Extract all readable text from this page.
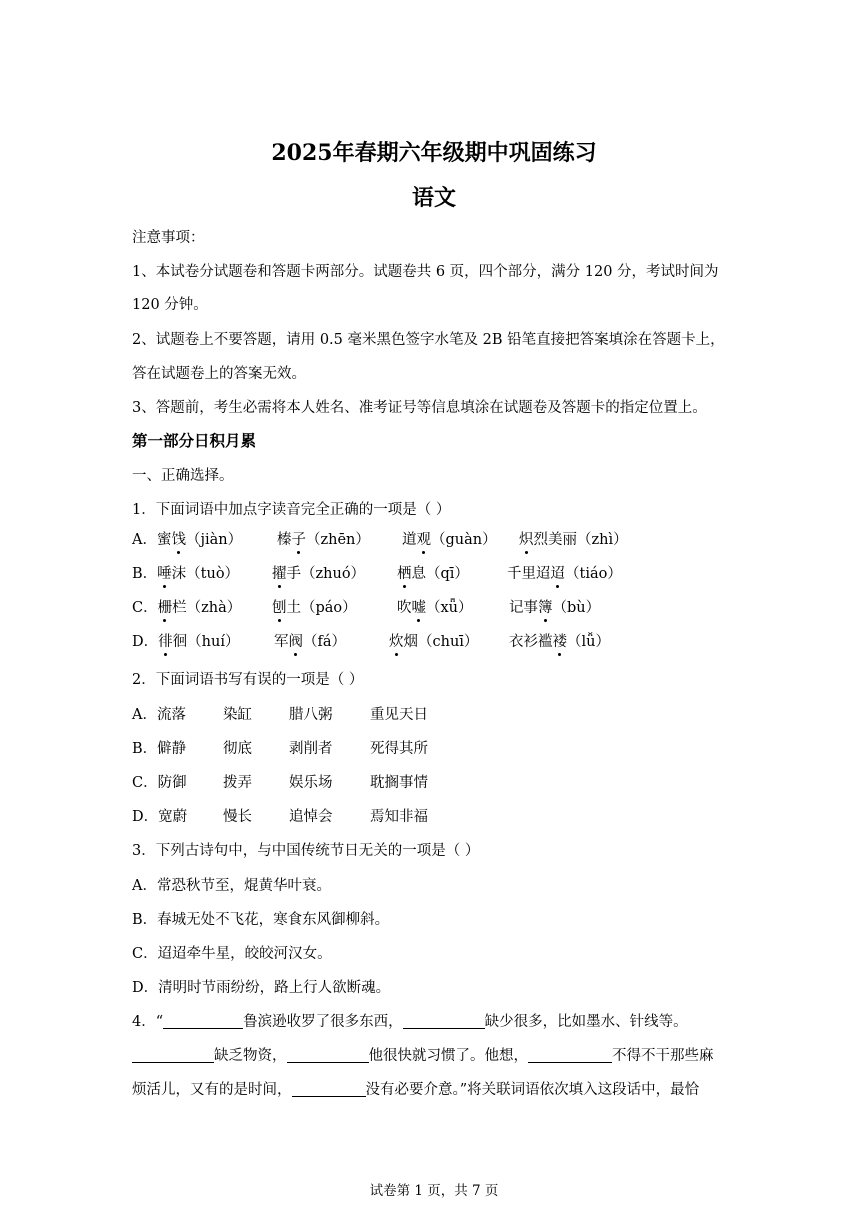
2025年春期六年级期中巩固练习
语文
注意事项：
1、本试卷分试题卷和答题卡两部分。试题卷共 6 页，四个部分，满分 120 分，考试时间为
120 分钟。
2、试题卷上不要答题，请用 0.5 毫米黑色签字水笔及 2B 铅笔直接把答案填涂在答题卡上，
答在试题卷上的答案无效。
3、答题前，考生必需将本人姓名、准考证号等信息填涂在试题卷及答题卡的指定位置上。
第一部分日积月累
一、正确选择。
1．下面词语中加点字读音完全正确的一项是（ ）
A．蜜饯（jiàn） 榛子（zhēn） 道观（guàn） 炽烈美丽（zhì）
B．唾沫（tuò） 擢手（zhuó） 栖息（qī）	千里迢迢（tiáo）
C．栅栏（zhà） 刨土（páo）	吹嘘（xǖ）	记事簿（bù）
D．徘徊（huí） 军阀（fá）	炊烟（chuī） 衣衫褴褛（lǚ）
2．下面词语书写有误的一项是（ ）
A．流落	染缸	腊八粥	重见天日
B．僻静	彻底	剥削者	死得其所
C．防御	拨弄	娱乐场	耽搁事情
D．宽蔚 慢长	追悼会	焉知非福
3．下列古诗句中，与中国传统节日无关的一项是（ ）
A．常恐秋节至，焜黄华叶衰。
B．春城无处不飞花，寒食东风御柳斜。
C．迢迢牵牛星，皎皎河汉女。
D．清明时节雨纷纷，路上行人欲断魂。
4．“	鲁滨逊收罗了很多东西，	缺少很多，比如墨水、针线等。
缺乏物资，	他很快就习惯了。他想，	不得不干那些麻
烦活儿，又有的是时间，	没有必要介意。”将关联词语依次填入这段话中，最恰
试卷第 1 页，共 7 页
